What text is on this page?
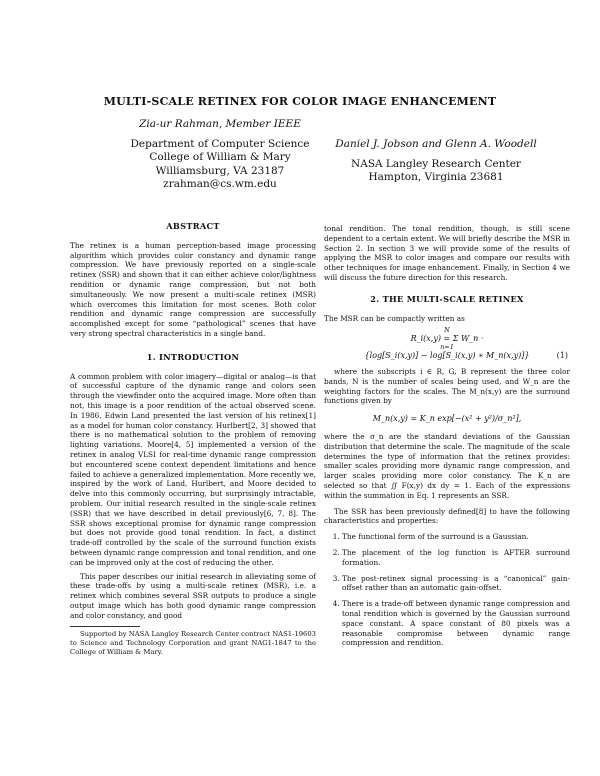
MULTI-SCALE RETINEX FOR COLOR IMAGE ENHANCEMENT
Zia-ur Rahman, Member IEEE
Department of Computer Science
College of William & Mary
Williamsburg, VA 23187
zrahman@cs.wm.edu
Daniel J. Jobson and Glenn A. Woodell
NASA Langley Research Center
Hampton, Virginia 23681
ABSTRACT

The retinex is a human perception-based image processing algorithm which provides color constancy and dynamic range compression. We have previously reported on a single-scale retinex (SSR) and shown that it can either achieve color/lightness rendition or dynamic range compression, but not both simultaneously. We now present a multi-scale retinex (MSR) which overcomes this limitation for most scenes. Both color rendition and dynamic range compression are successfully accomplished except for some “pathological” scenes that have very strong spectral characteristics in a single band.

1. INTRODUCTION

A common problem with color imagery—digital or analog—is that of successful capture of the dynamic range and colors seen through the viewfinder onto the acquired image. More often than not, this image is a poor rendition of the actual observed scene. In 1986, Edwin Land presented the last version of his retinex[1] as a model for human color constancy. Hurlbert[2, 3] showed that there is no mathematical solution to the problem of removing lighting variations. Moore[4, 5] implemented a version of the retinex in analog VLSI for real-time dynamic range compression but encountered scene context dependent limitations and hence failed to achieve a generalized implementation. More recently we, inspired by the work of Land, Hurlbert, and Moore decided to delve into this commonly occurring, but surprisingly intractable, problem. Our initial research resulted in the single-scale retinex (SSR) that we have described in detail previously[6, 7, 8]. The SSR shows exceptional promise for dynamic range compression but does not provide good tonal rendition. In fact, a distinct trade-off controlled by the scale of the surround function exists between dynamic range compression and tonal rendition, and one can be improved only at the cost of reducing the other.

This paper describes our initial research in alleviating some of these trade-offs by using a multi-scale retinex (MSR), i.e. a retinex which combines several SSR outputs to produce a single output image which has both good dynamic range compression and color constancy, and good

Supported by NASA Langley Research Center contract NAS1-19603 to Science and Technology Corporation and grant NAG1-1847 to the College of William & Mary.

tonal rendition. The tonal rendition, though, is still scene dependent to a certain extent. We will briefly describe the MSR in Section 2. In section 3 we will provide some of the results of applying the MSR to color images and compare our results with other techniques for image enhancement. Finally, in Section 4 we will discuss the future direction for this research.

2. THE MULTI-SCALE RETINEX

The MSR can be compactly written as

N
R_i(x,y) = Σ W_n ·
n=1
{log[S_i(x,y)] − log[S_i(x,y) ∗ M_n(x,y)]}	(1)

where the subscripts i ∈ R, G, B represent the three color bands, N is the number of scales being used, and W_n are the weighting factors for the scales. The M_n(x,y) are the surround functions given by

M_n(x,y) = K_n exp[−(x² + y²)/σ_n²],

where the σ_n are the standard deviations of the Gaussian distribution that determine the scale. The magnitude of the scale determines the type of information that the retinex provides: smaller scales providing more dynamic range compression, and larger scales providing more color constancy. The K_n are selected so that ∬ F(x,y) dx dy = 1. Each of the expressions within the summation in Eq. 1 represents an SSR.

The SSR has been previously defined[8] to have the following characteristics and properties:

1. The functional form of the surround is a Gaussian.
2. The placement of the log function is AFTER surround formation.
3. The post-retinex signal processing is a “canonical” gain-offset rather than an automatic gain-offset.
4. There is a trade-off between dynamic range compression and tonal rendition which is governed by the Gaussian surround space constant. A space constant of 80 pixels was a reasonable compromise between dynamic range compression and rendition.
